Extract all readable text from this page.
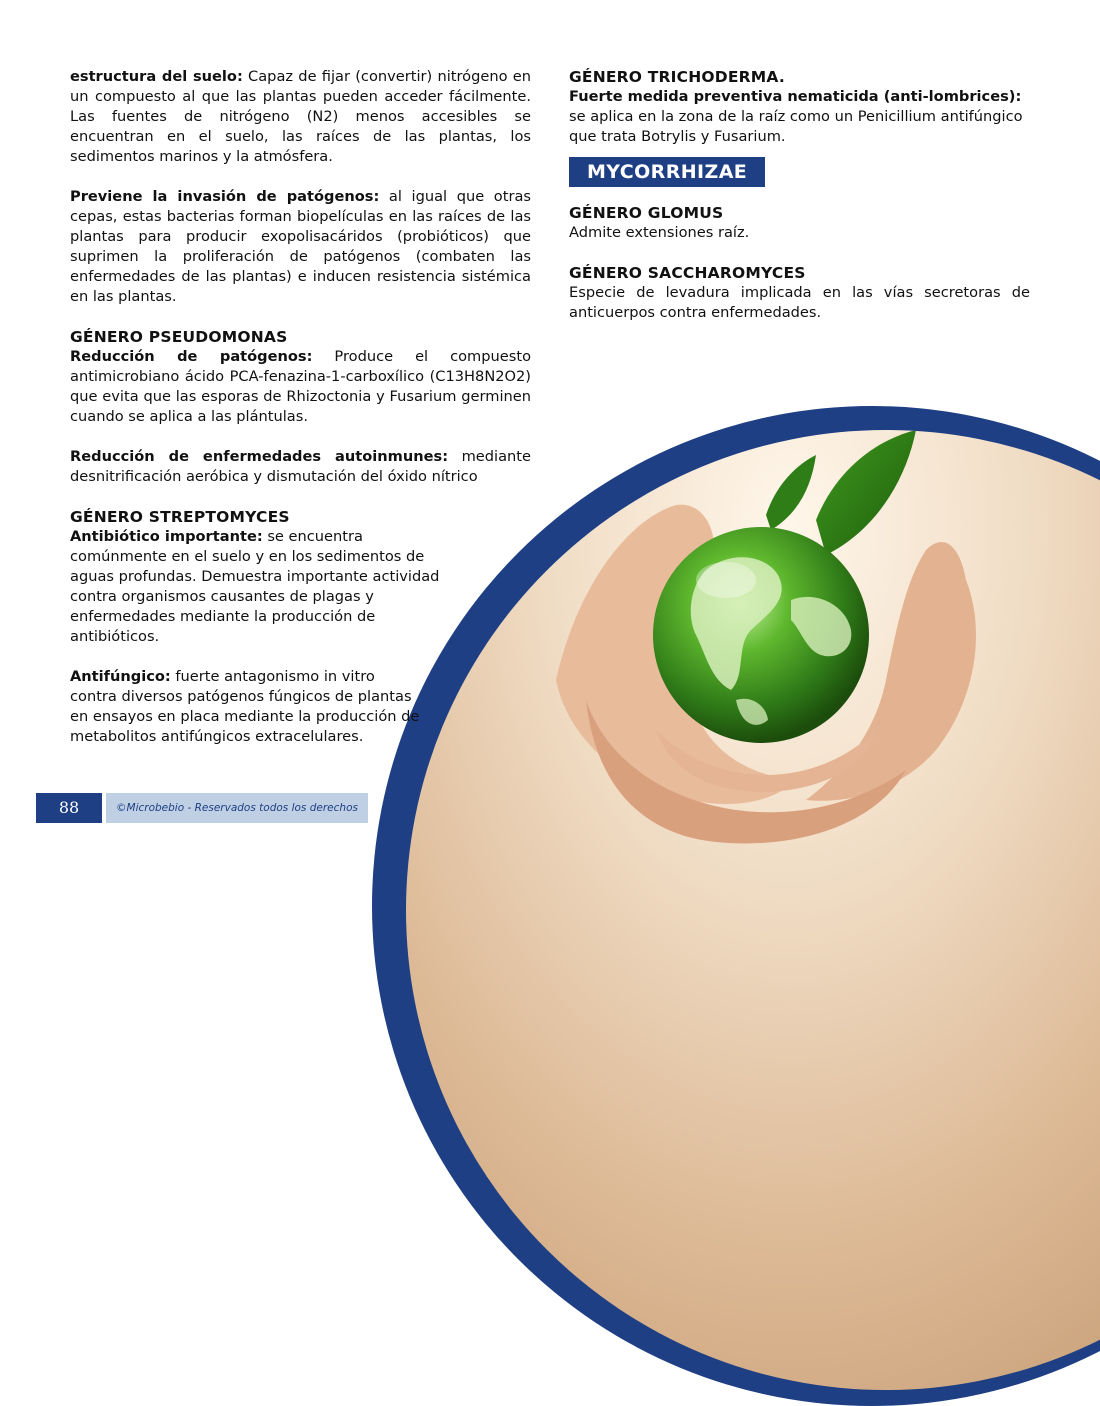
estructura del suelo: Capaz de fijar (convertir) nitrógeno en un compuesto al que las plantas pueden acceder fácilmente. Las fuentes de nitrógeno (N2) menos accesibles se encuentran en el suelo, las raíces de las plantas, los sedimentos marinos y la atmósfera.

Previene la invasión de patógenos: al igual que otras cepas, estas bacterias forman biopelículas en las raíces de las plantas para producir exopolisacáridos (probióticos) que suprimen la proliferación de patógenos (combaten las enfermedades de las plantas) e inducen resistencia sistémica en las plantas.

GÉNERO PSEUDOMONAS

Reducción de patógenos: Produce el compuesto antimicrobiano ácido PCA-fenazina-1-carboxílico (C13H8N2O2) que evita que las esporas de Rhizoctonia y Fusarium germinen cuando se aplica a las plántulas.

Reducción de enfermedades autoinmunes: mediante desnitrificación aeróbica y dismutación del óxido nítrico

GÉNERO STREPTOMYCES

Antibiótico importante: se encuentra comúnmente en el suelo y en los sedimentos de aguas profundas. Demuestra importante actividad contra organismos causantes de plagas y enfermedades mediante la producción de antibióticos.

Antifúngico: fuerte antagonismo in vitro contra diversos patógenos fúngicos de plantas en ensayos en placa mediante la producción de metabolitos antifúngicos extracelulares.

GÉNERO TRICHODERMA.

Fuerte medida preventiva nematicida (anti-lombrices): se aplica en la zona de la raíz como un Penicillium antifúngico que trata Botrylis y Fusarium.

MYCORRHIZAE
GÉNERO GLOMUS

Admite extensiones raíz.

GÉNERO SACCHAROMYCES

Especie de levadura implicada en las vías secretoras de anticuerpos contra enfermedades.

88	©Microbebio - Reservados todos los derechos
